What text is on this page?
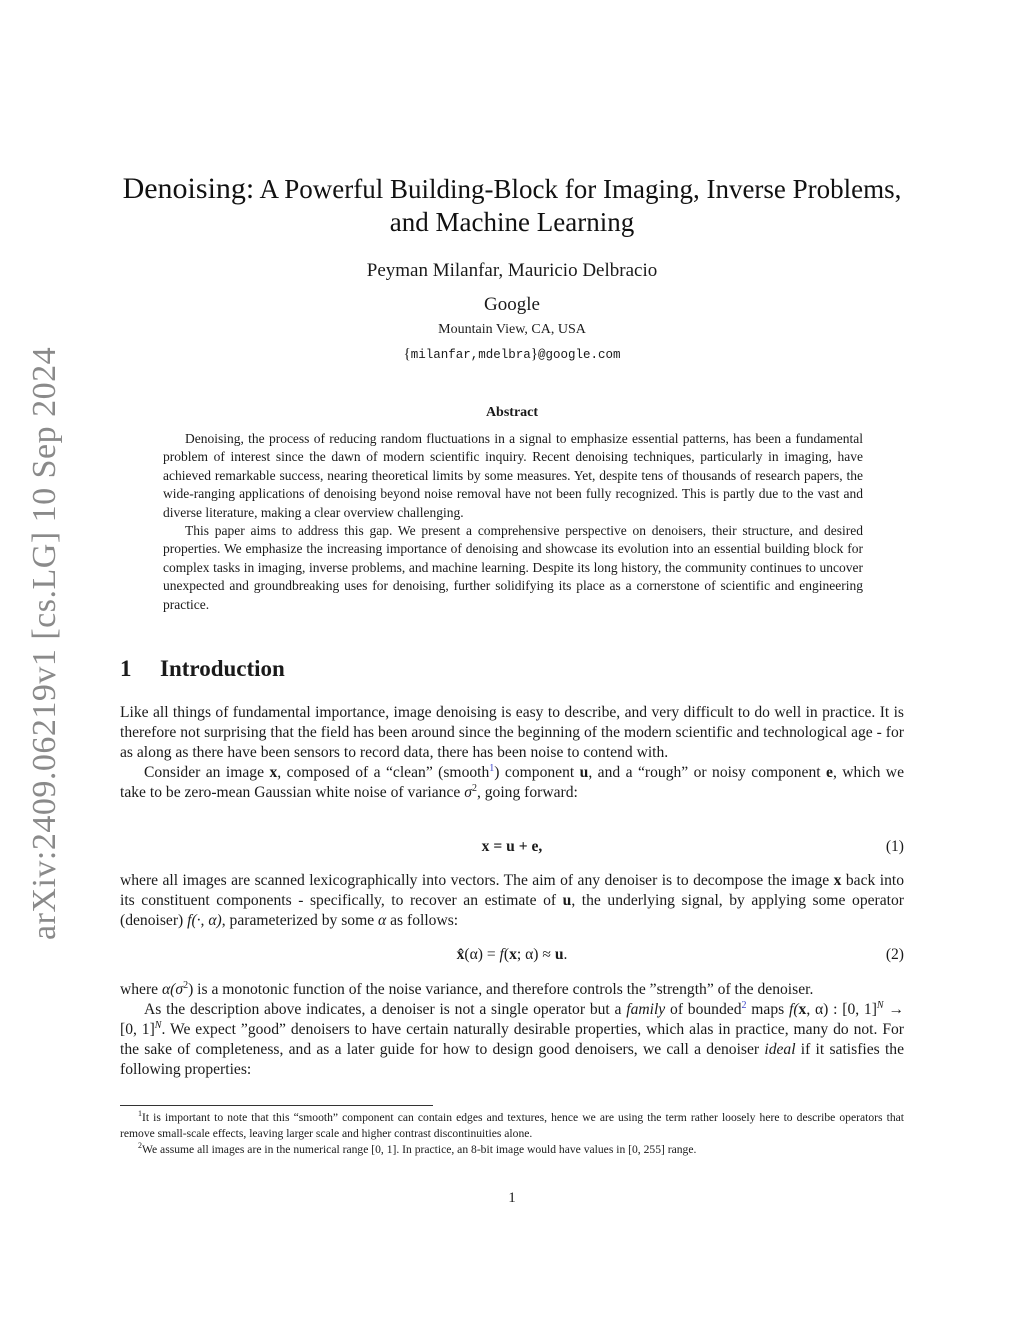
arXiv:2409.06219v1 [cs.LG] 10 Sep 2024
Denoising: A Powerful Building-Block for Imaging, Inverse Problems,
and Machine Learning
Peyman Milanfar, Mauricio Delbracio
Google
Mountain View, CA, USA
{milanfar,mdelbra}@google.com
Abstract

Denoising, the process of reducing random fluctuations in a signal to emphasize essential patterns, has been a fundamental problem of interest since the dawn of modern scientific inquiry. Recent denoising techniques, particularly in imaging, have achieved remarkable success, nearing theoretical limits by some measures. Yet, despite tens of thousands of research papers, the wide-ranging applications of denoising beyond noise removal have not been fully recognized. This is partly due to the vast and diverse literature, making a clear overview challenging.

This paper aims to address this gap. We present a comprehensive perspective on denoisers, their structure, and desired properties. We emphasize the increasing importance of denoising and showcase its evolution into an essential building block for complex tasks in imaging, inverse problems, and machine learning. Despite its long history, the community continues to uncover unexpected and groundbreaking uses for denoising, further solidifying its place as a cornerstone of scientific and engineering practice.

1 Introduction

Like all things of fundamental importance, image denoising is easy to describe, and very difficult to do well in practice. It is therefore not surprising that the field has been around since the beginning of the modern scientific and technological age - for as along as there have been sensors to record data, there has been noise to contend with.

Consider an image x, composed of a “clean” (smooth$^1$) component u, and a “rough” or noisy component e, which we take to be zero-mean Gaussian white noise of variance $\sigma^2$, going forward:

x = u + e,	(1)

where all images are scanned lexicographically into vectors. The aim of any denoiser is to decompose the image x back into its constituent components - specifically, to recover an estimate of u, the underlying signal, by applying some operator (denoiser) f(·, α), parameterized by some α as follows:

x̂(α) = f(x; α) ≈ u.	(2)

where $\alpha(\sigma^2)$ is a monotonic function of the noise variance, and therefore controls the ”strength” of the denoiser.

As the description above indicates, a denoiser is not a single operator but a family of bounded$^2$ maps f(x, α) : [0, 1]$^N$ → [0, 1]$^N$. We expect ”good” denoisers to have certain naturally desirable properties, which alas in practice, many do not. For the sake of completeness, and as a later guide for how to design good denoisers, we call a denoiser ideal if it satisfies the following properties:

$^1$It is important to note that this “smooth” component can contain edges and textures, hence we are using the term rather loosely here to describe operators that remove small-scale effects, leaving larger scale and higher contrast discontinuities alone.

$^2$We assume all images are in the numerical range [0, 1]. In practice, an 8-bit image would have values in [0, 255] range.

1
